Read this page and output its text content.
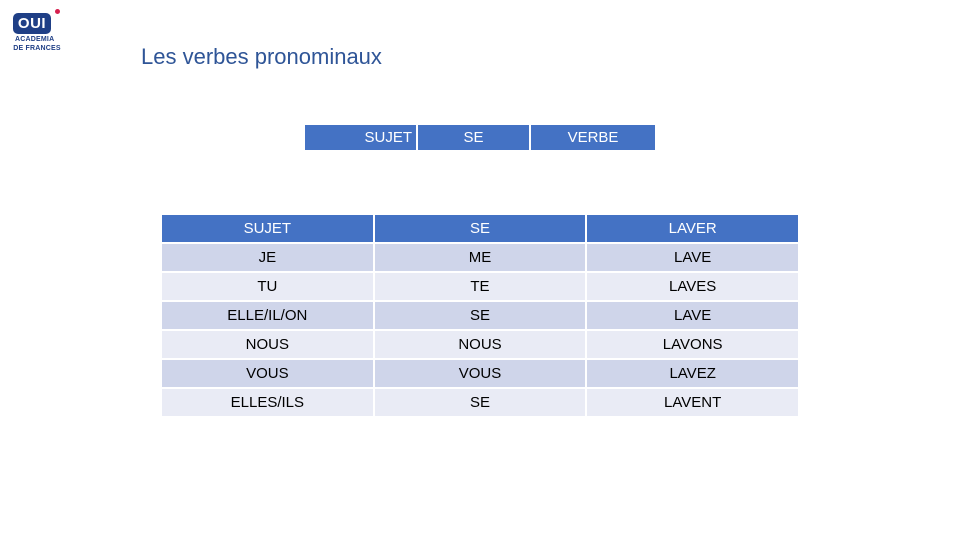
OUI
ACADEMIA
DE FRANCES	Les verbes pronominaux
SUJET	SE	VERBE
SUJET	SE	LAVER
JE	ME	LAVE
TU	TE	LAVES
ELLE/IL/ON	SE	LAVE
NOUS	NOUS	LAVONS
VOUS	VOUS	LAVEZ
ELLES/ILS	SE	LAVENT
